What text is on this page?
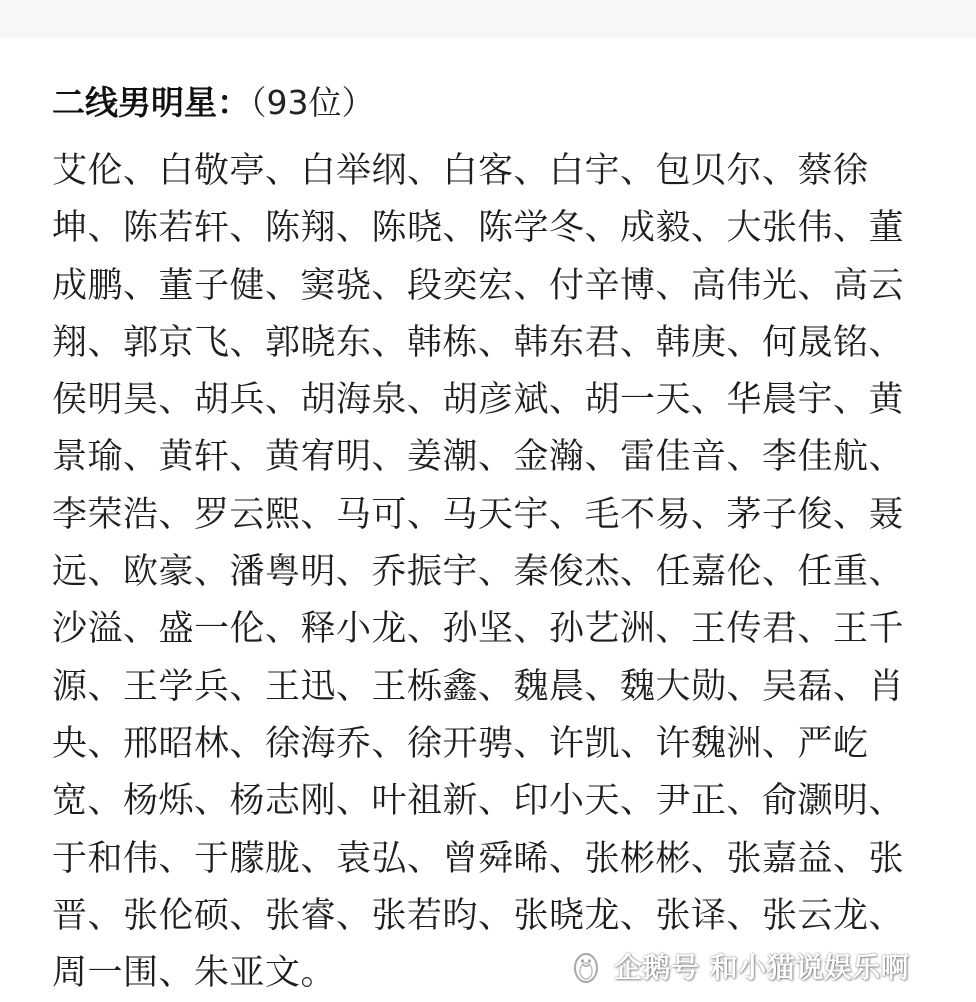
二线男明星：（93位）
艾伦、白敬亭、白举纲、白客、白宇、包贝尔、蔡徐坤、陈若轩、陈翔、陈晓、陈学冬、成毅、大张伟、董成鹏、董子健、窦骁、段奕宏、付辛博、高伟光、高云翔、郭京飞、郭晓东、韩栋、韩东君、韩庚、何晟铭、侯明昊、胡兵、胡海泉、胡彦斌、胡一天、华晨宇、黄景瑜、黄轩、黄宥明、姜潮、金瀚、雷佳音、李佳航、李荣浩、罗云熙、马可、马天宇、毛不易、茅子俊、聂远、欧豪、潘粤明、乔振宇、秦俊杰、任嘉伦、任重、沙溢、盛一伦、释小龙、孙坚、孙艺洲、王传君、王千源、王学兵、王迅、王栎鑫、魏晨、魏大勋、吴磊、肖央、邢昭林、徐海乔、徐开骋、许凯、许魏洲、严屹宽、杨烁、杨志刚、叶祖新、印小天、尹正、俞灏明、于和伟、于朦胧、袁弘、曾舜晞、张彬彬、张嘉益、张晋、张伦硕、张睿、张若昀、张晓龙、张译、张云龙、周一围、朱亚文。	企鹅号 和小猫说娱乐啊
